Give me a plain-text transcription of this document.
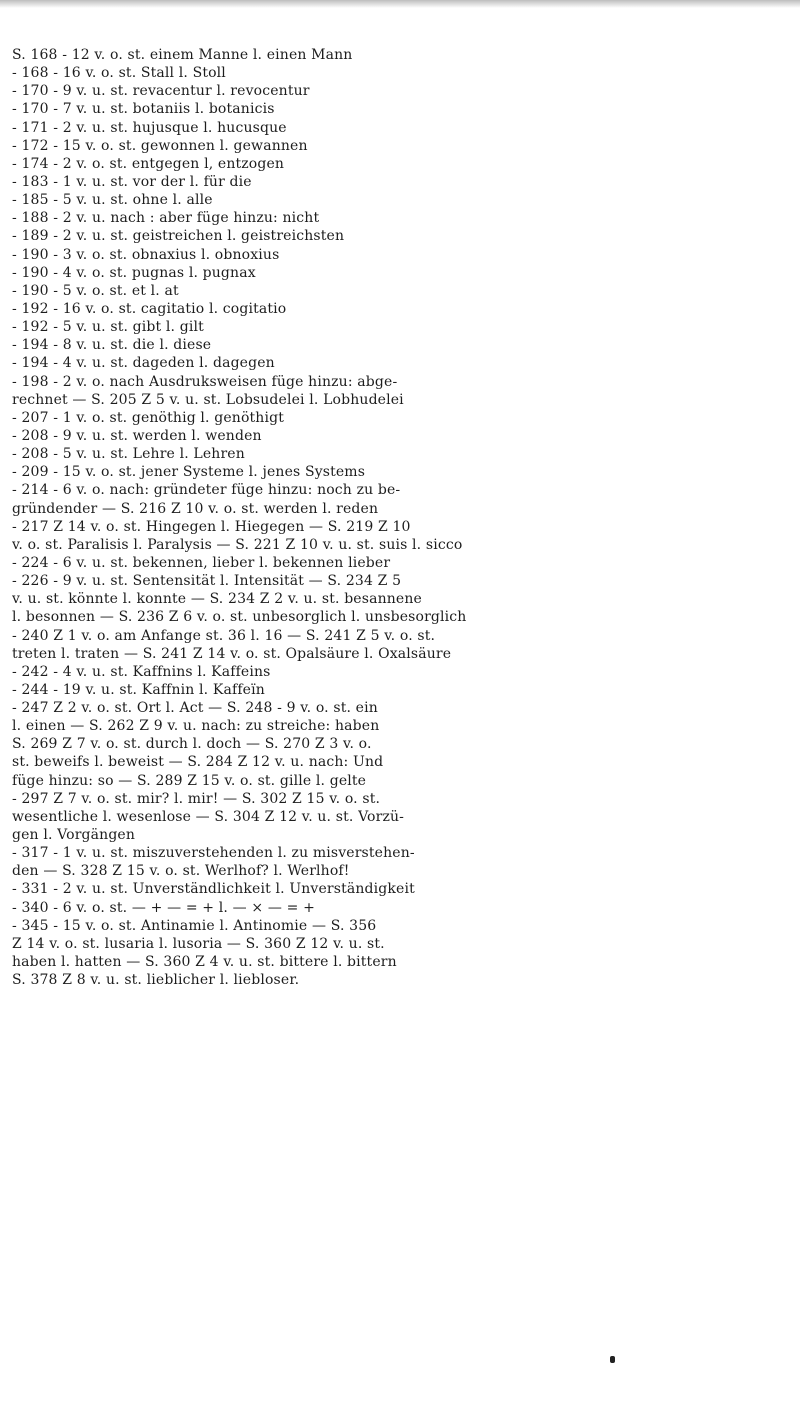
S. 168 - 12 v. o. st. einem Manne l. einen Mann
- 168 - 16 v. o. st. Stall l. Stoll
- 170 - 9 v. u. st. revacentur l. revocentur
- 170 - 7 v. u. st. botaniis l. botanicis
- 171 - 2 v. u. st. hujusque l. hucusque
- 172 - 15 v. o. st. gewonnen l. gewannen
- 174 - 2 v. o. st. entgegen l, entzogen
- 183 - 1 v. u. st. vor der l. für die
- 185 - 5 v. u. st. ohne l. alle
- 188 - 2 v. u. nach : aber füge hinzu: nicht
- 189 - 2 v. u. st. geistreichen l. geistreichsten
- 190 - 3 v. o. st. obnaxius l. obnoxius
- 190 - 4 v. o. st. pugnas l. pugnax
- 190 - 5 v. o. st. et l. at
- 192 - 16 v. o. st. cagitatio l. cogitatio
- 192 - 5 v. u. st. gibt l. gilt
- 194 - 8 v. u. st. die l. diese
- 194 - 4 v. u. st. dageden l. dagegen
- 198 - 2 v. o. nach Ausdruksweisen füge hinzu: abge-
rechnet — S. 205 Z 5 v. u. st. Lobsudelei l. Lobhudelei
- 207 - 1 v. o. st. genöthig l. genöthigt
- 208 - 9 v. u. st. werden l. wenden
- 208 - 5 v. u. st. Lehre l. Lehren
- 209 - 15 v. o. st. jener Systeme l. jenes Systems
- 214 - 6 v. o. nach: gründeter füge hinzu: noch zu be-
gründender — S. 216 Z 10 v. o. st. werden l. reden
- 217 Z 14 v. o. st. Hingegen l. Hiegegen — S. 219 Z 10
v. o. st. Paralisis l. Paralysis — S. 221 Z 10 v. u. st. suis l. sicco
- 224 - 6 v. u. st. bekennen, lieber l. bekennen lieber
- 226 - 9 v. u. st. Sentensität l. Intensität — S. 234 Z 5
v. u. st. könnte l. konnte — S. 234 Z 2 v. u. st. besannene
l. besonnen — S. 236 Z 6 v. o. st. unbesorglich l. unsbesorglich
- 240 Z 1 v. o. am Anfange st. 36 l. 16 — S. 241 Z 5 v. o. st.
treten l. traten — S. 241 Z 14 v. o. st. Opalsäure l. Oxalsäure
- 242 - 4 v. u. st. Kaffnins l. Kaffeins
- 244 - 19 v. u. st. Kaffnin l. Kaffeïn
- 247 Z 2 v. o. st. Ort l. Act — S. 248 - 9 v. o. st. ein
l. einen — S. 262 Z 9 v. u. nach: zu streiche: haben
S. 269 Z 7 v. o. st. durch l. doch — S. 270 Z 3 v. o.
st. beweifs l. beweist — S. 284 Z 12 v. u. nach: Und
füge hinzu: so — S. 289 Z 15 v. o. st. gille l. gelte
- 297 Z 7 v. o. st. mir? l. mir! — S. 302 Z 15 v. o. st.
wesentliche l. wesenlose — S. 304 Z 12 v. u. st. Vorzü-
gen l. Vorgängen
- 317 - 1 v. u. st. miszuverstehenden l. zu misverstehen-
den — S. 328 Z 15 v. o. st. Werlhof? l. Werlhof!
- 331 - 2 v. u. st. Unverständlichkeit l. Unverständigkeit
- 340 - 6 v. o. st. — + — = + l. — × — = +
- 345 - 15 v. o. st. Antinamie l. Antinomie — S. 356
Z 14 v. o. st. lusaria l. lusoria — S. 360 Z 12 v. u. st.
haben l. hatten — S. 360 Z 4 v. u. st. bittere l. bittern
S. 378 Z 8 v. u. st. lieblicher l. liebloser.
